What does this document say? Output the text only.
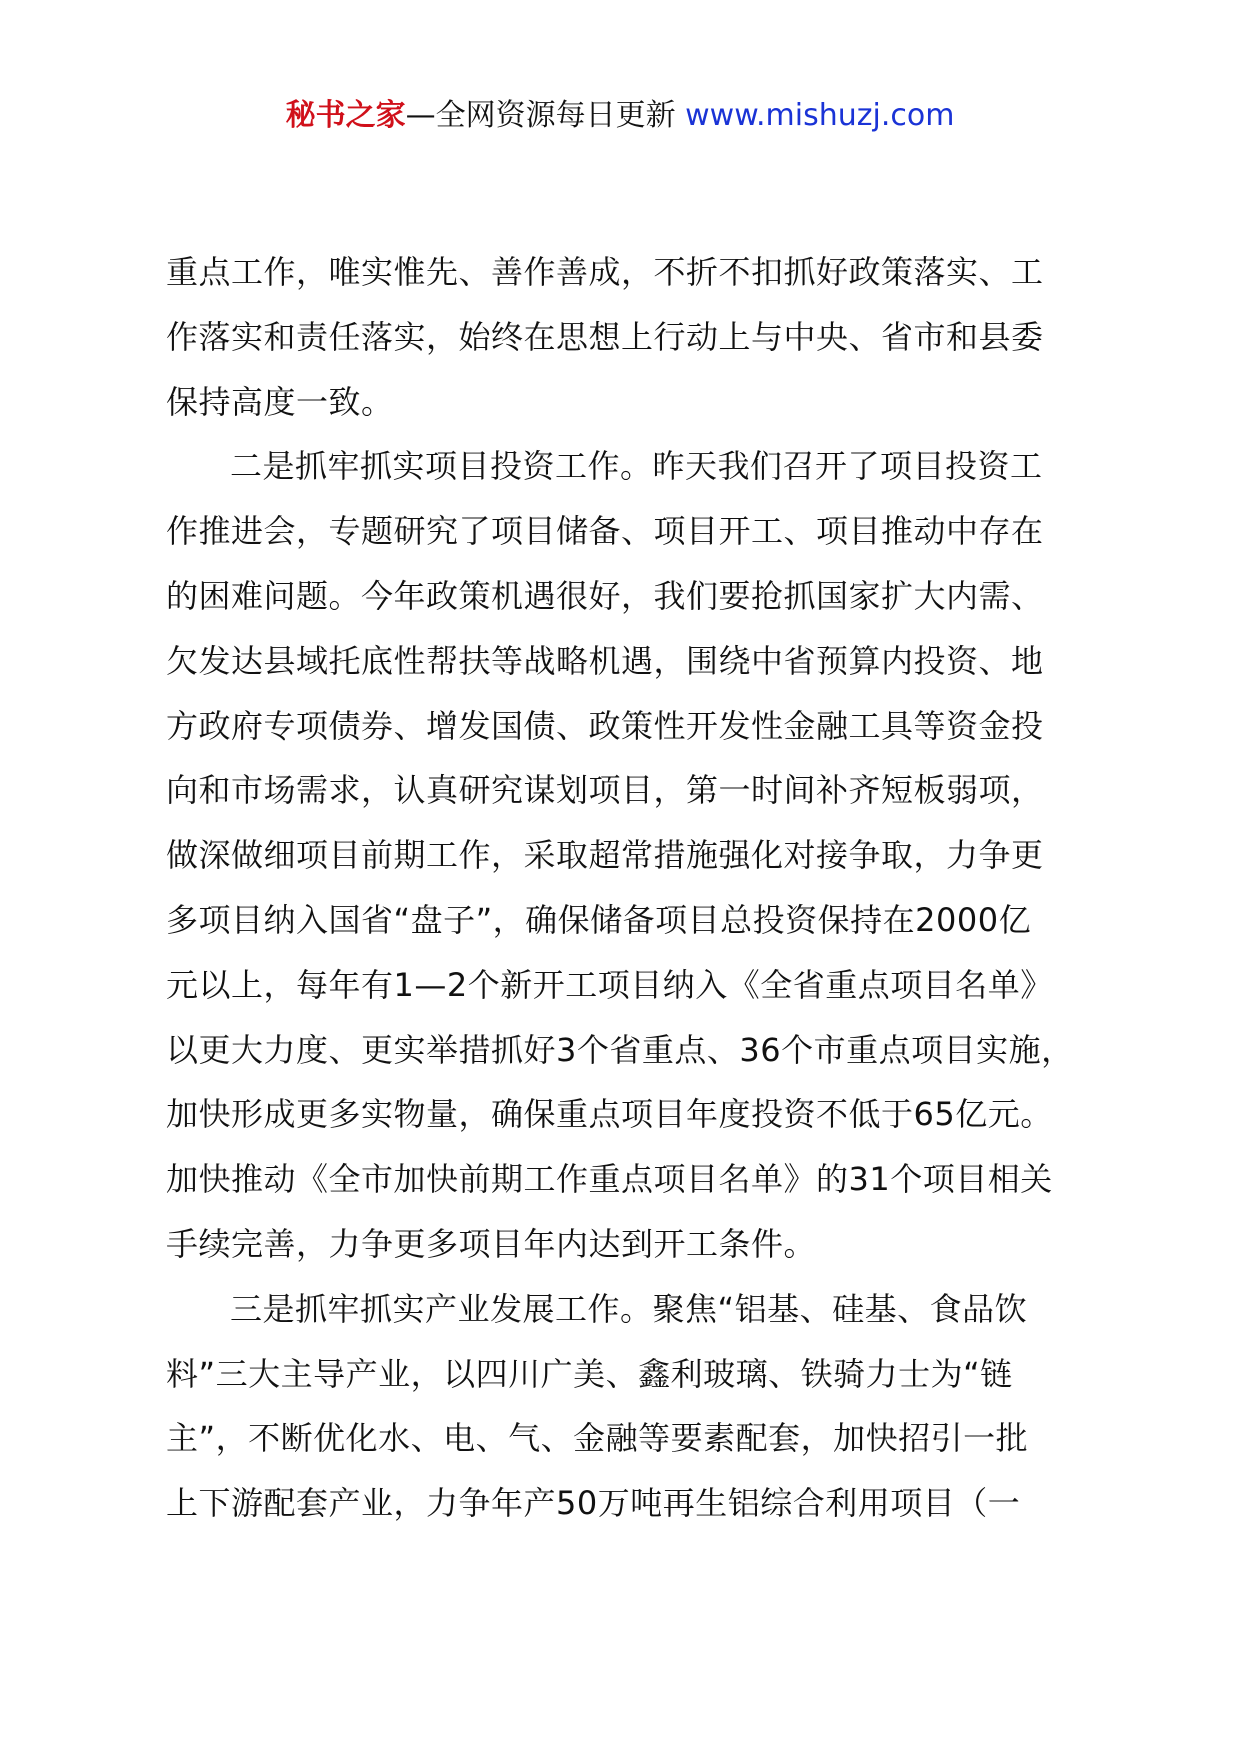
秘书之家—全网资源每日更新 www.mishuzj.com

重点工作，唯实惟先、善作善成，不折不扣抓好政策落实、工

作落实和责任落实，始终在思想上行动上与中央、省市和县委

保持高度一致。

二是抓牢抓实项目投资工作。昨天我们召开了项目投资工

作推进会，专题研究了项目储备、项目开工、项目推动中存在

的困难问题。今年政策机遇很好，我们要抢抓国家扩大内需、

欠发达县域托底性帮扶等战略机遇，围绕中省预算内投资、地

方政府专项债券、增发国债、政策性开发性金融工具等资金投

向和市场需求，认真研究谋划项目，第一时间补齐短板弱项，

做深做细项目前期工作，采取超常措施强化对接争取，力争更

多项目纳入国省“盘子”，确保储备项目总投资保持在2000亿

元以上，每年有1—2个新开工项目纳入《全省重点项目名单》

以更大力度、更实举措抓好3个省重点、36个市重点项目实施，

加快形成更多实物量，确保重点项目年度投资不低于65亿元。

加快推动《全市加快前期工作重点项目名单》的31个项目相关

手续完善，力争更多项目年内达到开工条件。

三是抓牢抓实产业发展工作。聚焦“铝基、硅基、食品饮

料”三大主导产业，以四川广美、鑫利玻璃、铁骑力士为“链

主”，不断优化水、电、气、金融等要素配套，加快招引一批

上下游配套产业，力争年产50万吨再生铝综合利用项目（一
